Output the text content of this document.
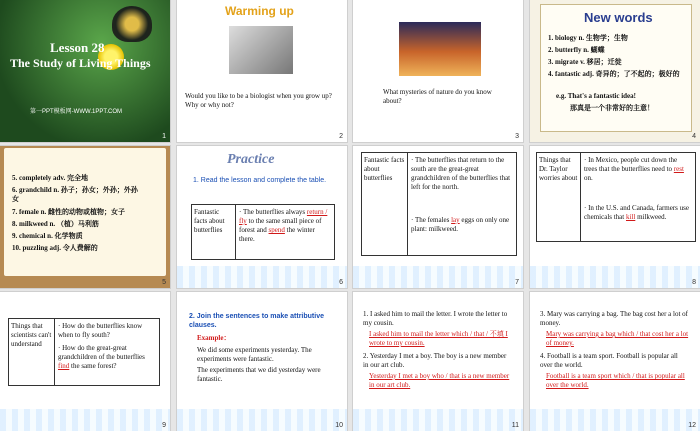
Lesson 28
The Study of Living Things
第一PPT模板网-WWW.1PPT.COM
1
Warming up
Would you like to be a biologist when you grow up? Why or why not?
2
What mysteries of nature do you know about?
3
New words
1. biology n. 生物学；生物
2. butterfly n. 蝴蝶
3. migrate v. 移居；迁徙
4. fantastic adj. 奇异的；了不起的；极好的
e.g. That's a fantastic idea!
那真是一个非常好的主意！
4
5. completely adv. 完全地
6. grandchild n. 孙子；孙女；外孙；外孙女
7. female n. 雌性的动物或植物；女子
8. milkweed n. （植）马利筋
9. chemical n. 化学物质
10. puzzling adj. 令人费解的
5
Practice
1. Read the lesson and complete the table.
Fantastic facts about butterflies
· The butterflies always return / fly to the same small piece of forest and spend the winter there.
6
Fantastic facts about butterflies
· The butterflies that return to the south are the great-great grandchildren of the butterflies that left for the north.
· The females lay eggs on only one plant: milkweed.
7
Things that Dr. Taylor worries about
· In Mexico, people cut down the trees that the butterflies need to rest on.
· In the U.S. and Canada, farmers use chemicals that kill milkweed.
8
Things that scientists can't understand
· How do the butterflies know when to fly south?
· How do the great-great grandchildren of the butterflies find the same forest?
9
2. Join the sentences to make attributive clauses.
Example：
We did some experiments yesterday. The experiments were fantastic.
The experiments that we did yesterday were fantastic.
10
1. I asked him to mail the letter. I wrote the letter to my cousin.
I asked him to mail the letter which / that / 不填 I wrote to my cousin.
2. Yesterday I met a boy. The boy is a new member in our art club.
Yesterday I met a boy who / that is a new member in our art club.
11
3. Mary was carrying a bag. The bag cost her a lot of money.
Mary was carrying a bag which / that cost her a lot of money.
4. Football is a team sport. Football is popular all over the world.
Football is a team sport which / that is popular all over the world.
12
